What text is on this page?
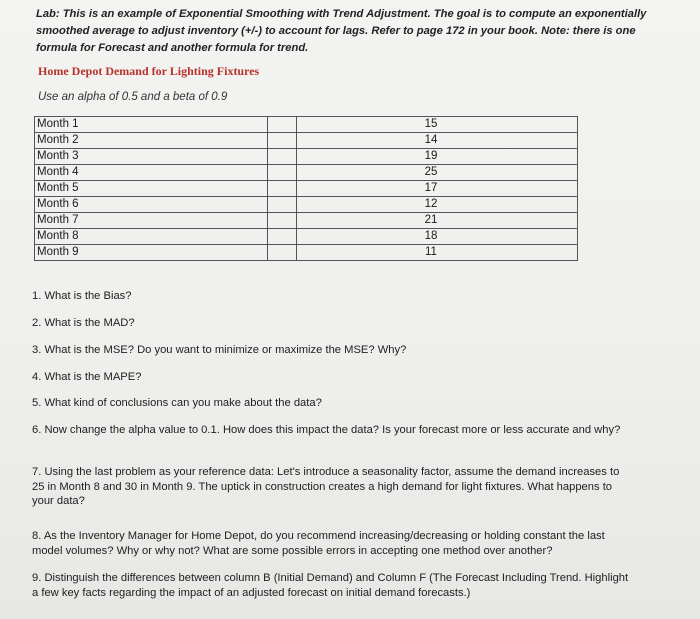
Lab: This is an example of Exponential Smoothing with Trend Adjustment. The goal is to compute an exponentially smoothed average to adjust inventory (+/-) to account for lags. Refer to page 172 in your book. Note: there is one formula for Forecast and another formula for trend.
Home Depot Demand for Lighting Fixtures
Use an alpha of 0.5 and a beta of 0.9
Month 1		15
Month 2		14
Month 3		19
Month 4		25
Month 5		17
Month 6		12
Month 7		21
Month 8		18
Month 9		11
1. What is the Bias?
2. What is the MAD?
3. What is the MSE? Do you want to minimize or maximize the MSE? Why?
4. What is the MAPE?
5. What kind of conclusions can you make about the data?
6. Now change the alpha value to 0.1. How does this impact the data? Is your forecast more or less accurate and why?
7. Using the last problem as your reference data: Let's introduce a seasonality factor, assume the demand increases to 25 in Month 8 and 30 in Month 9. The uptick in construction creates a high demand for light fixtures. What happens to your data?
8. As the Inventory Manager for Home Depot, do you recommend increasing/decreasing or holding constant the last model volumes? Why or why not? What are some possible errors in accepting one method over another?
9. Distinguish the differences between column B (Initial Demand) and Column F (The Forecast Including Trend. Highlight a few key facts regarding the impact of an adjusted forecast on initial demand forecasts.)
